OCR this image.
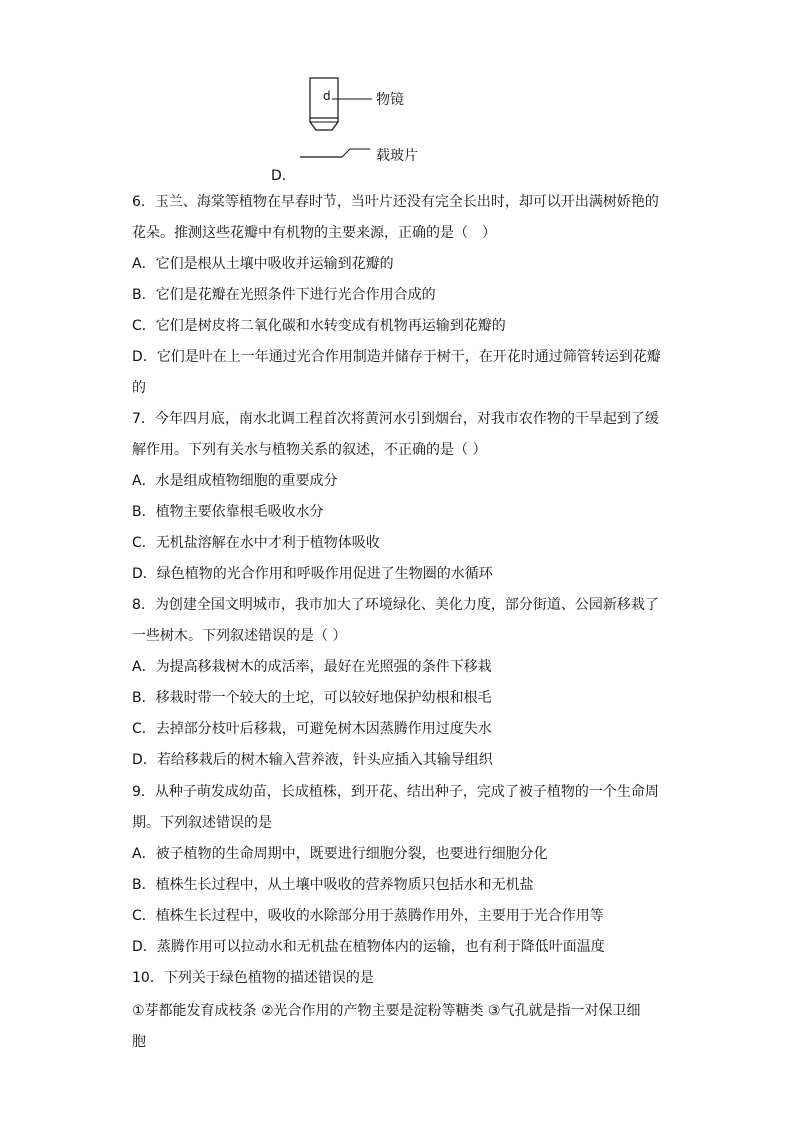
d	物镜
载玻片
D．
6．玉兰、海棠等植物在早春时节，当叶片还没有完全长出时，却可以开出满树娇艳的
花朵。推测这些花瓣中有机物的主要来源，正确的是（　）
A．它们是根从土壤中吸收并运输到花瓣的
B．它们是花瓣在光照条件下进行光合作用合成的
C．它们是树皮将二氧化碳和水转变成有机物再运输到花瓣的
D．它们是叶在上一年通过光合作用制造并储存于树干，在开花时通过筛管转运到花瓣
的
7．今年四月底，南水北调工程首次将黄河水引到烟台，对我市农作物的干旱起到了缓
解作用。下列有关水与植物关系的叙述，不正确的是（ ）
A．水是组成植物细胞的重要成分
B．植物主要依靠根毛吸收水分
C．无机盐溶解在水中才利于植物体吸收
D．绿色植物的光合作用和呼吸作用促进了生物圈的水循环
8．为创建全国文明城市，我市加大了环境绿化、美化力度，部分街道、公园新移栽了
一些树木。下列叙述错误的是（ ）
A．为提高移栽树木的成活率，最好在光照强的条件下移栽
B．移栽时带一个较大的土坨，可以较好地保护幼根和根毛
C．去掉部分枝叶后移栽，可避免树木因蒸腾作用过度失水
D．若给移栽后的树木输入营养液，针头应插入其输导组织
9．从种子萌发成幼苗，长成植株，到开花、结出种子，完成了被子植物的一个生命周
期。下列叙述错误的是
A．被子植物的生命周期中，既要进行细胞分裂，也要进行细胞分化
B．植株生长过程中，从土壤中吸收的营养物质只包括水和无机盐
C．植株生长过程中，吸收的水除部分用于蒸腾作用外，主要用于光合作用等
D．蒸腾作用可以拉动水和无机盐在植物体内的运输，也有利于降低叶面温度
10．下列关于绿色植物的描述错误的是
①芽都能发育成枝条 ②光合作用的产物主要是淀粉等糖类 ③气孔就是指一对保卫细
胞
